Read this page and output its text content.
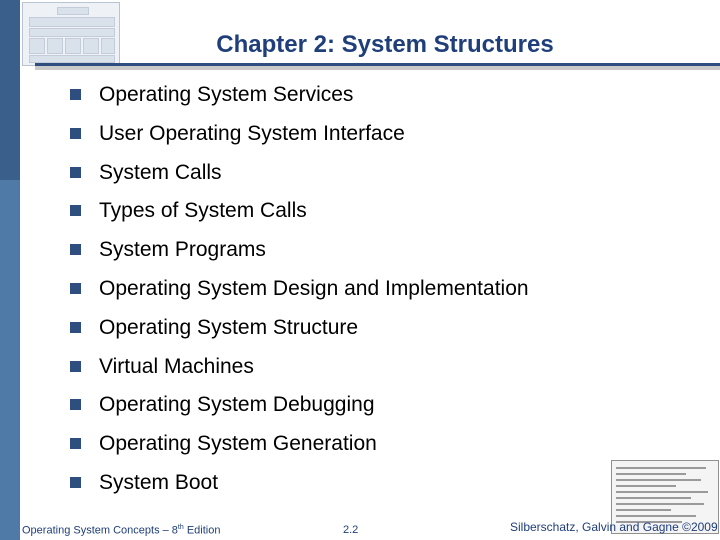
Chapter 2: System Structures
Operating System Services
User Operating System Interface
System Calls
Types of System Calls
System Programs
Operating System Design and Implementation
Operating System Structure
Virtual Machines
Operating System Debugging
Operating System Generation
System Boot
Operating System Concepts – 8th Edition	2.2	Silberschatz, Galvin and Gagne ©2009
